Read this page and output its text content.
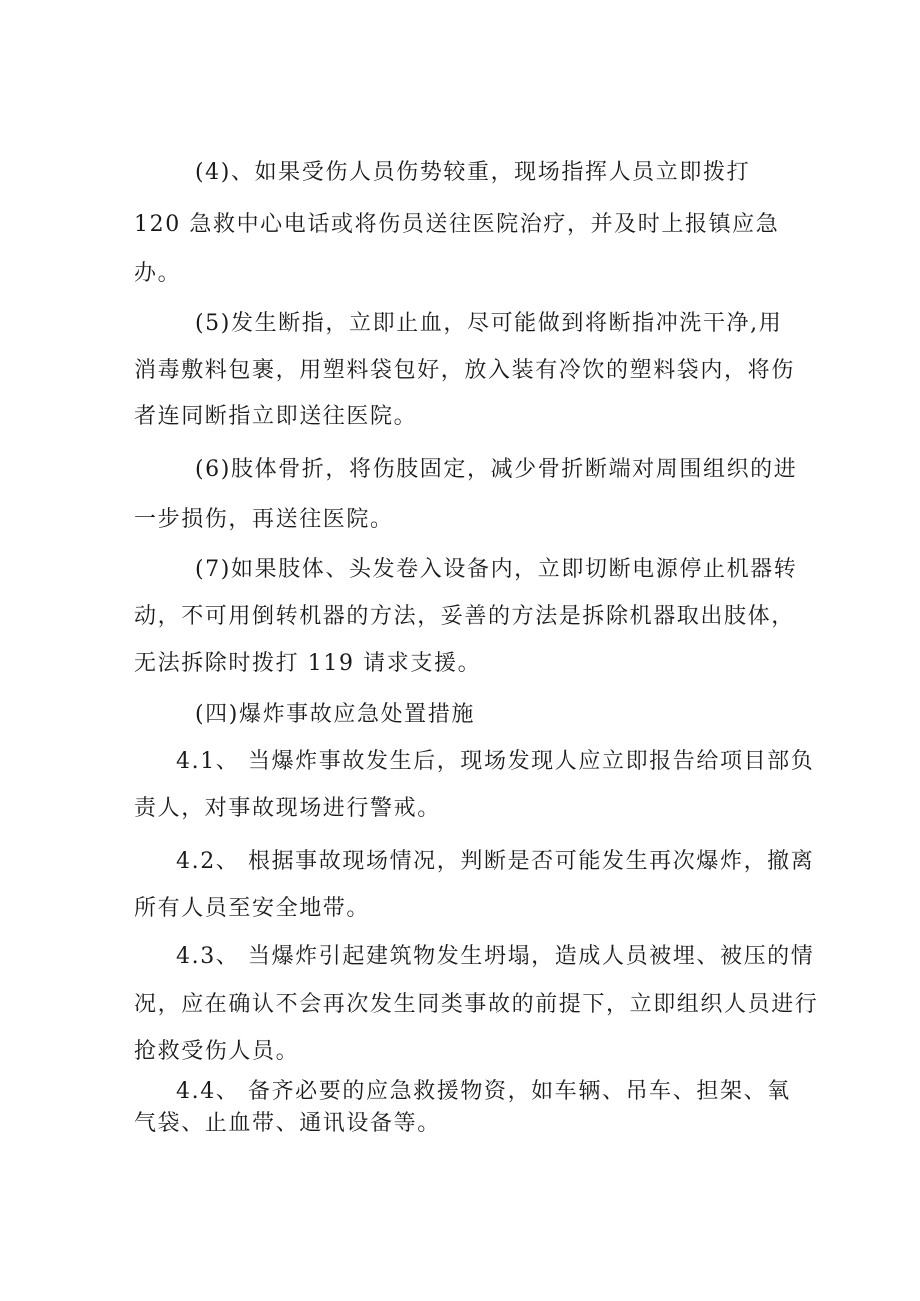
(4)、如果受伤人员伤势较重，现场指挥人员立即拨打

120 急救中心电话或将伤员送往医院治疗，并及时上报镇应急

办。

(5)发生断指，立即止血，尽可能做到将断指冲洗干净,用

消毒敷料包裹，用塑料袋包好，放入装有冷饮的塑料袋内，将伤

者连同断指立即送往医院。

(6)肢体骨折，将伤肢固定，减少骨折断端对周围组织的进

一步损伤，再送往医院。

(7)如果肢体、头发卷入设备内，立即切断电源停止机器转

动，不可用倒转机器的方法，妥善的方法是拆除机器取出肢体，

无法拆除时拨打 119 请求支援。

(四)爆炸事故应急处置措施

4.1、 当爆炸事故发生后，现场发现人应立即报告给项目部负

责人，对事故现场进行警戒。

4.2、 根据事故现场情况，判断是否可能发生再次爆炸，撤离

所有人员至安全地带。

4.3、 当爆炸引起建筑物发生坍塌，造成人员被埋、被压的情

况，应在确认不会再次发生同类事故的前提下，立即组织人员进行

抢救受伤人员。

4.4、 备齐必要的应急救援物资，如车辆、吊车、担架、氧

气袋、止血带、通讯设备等。
